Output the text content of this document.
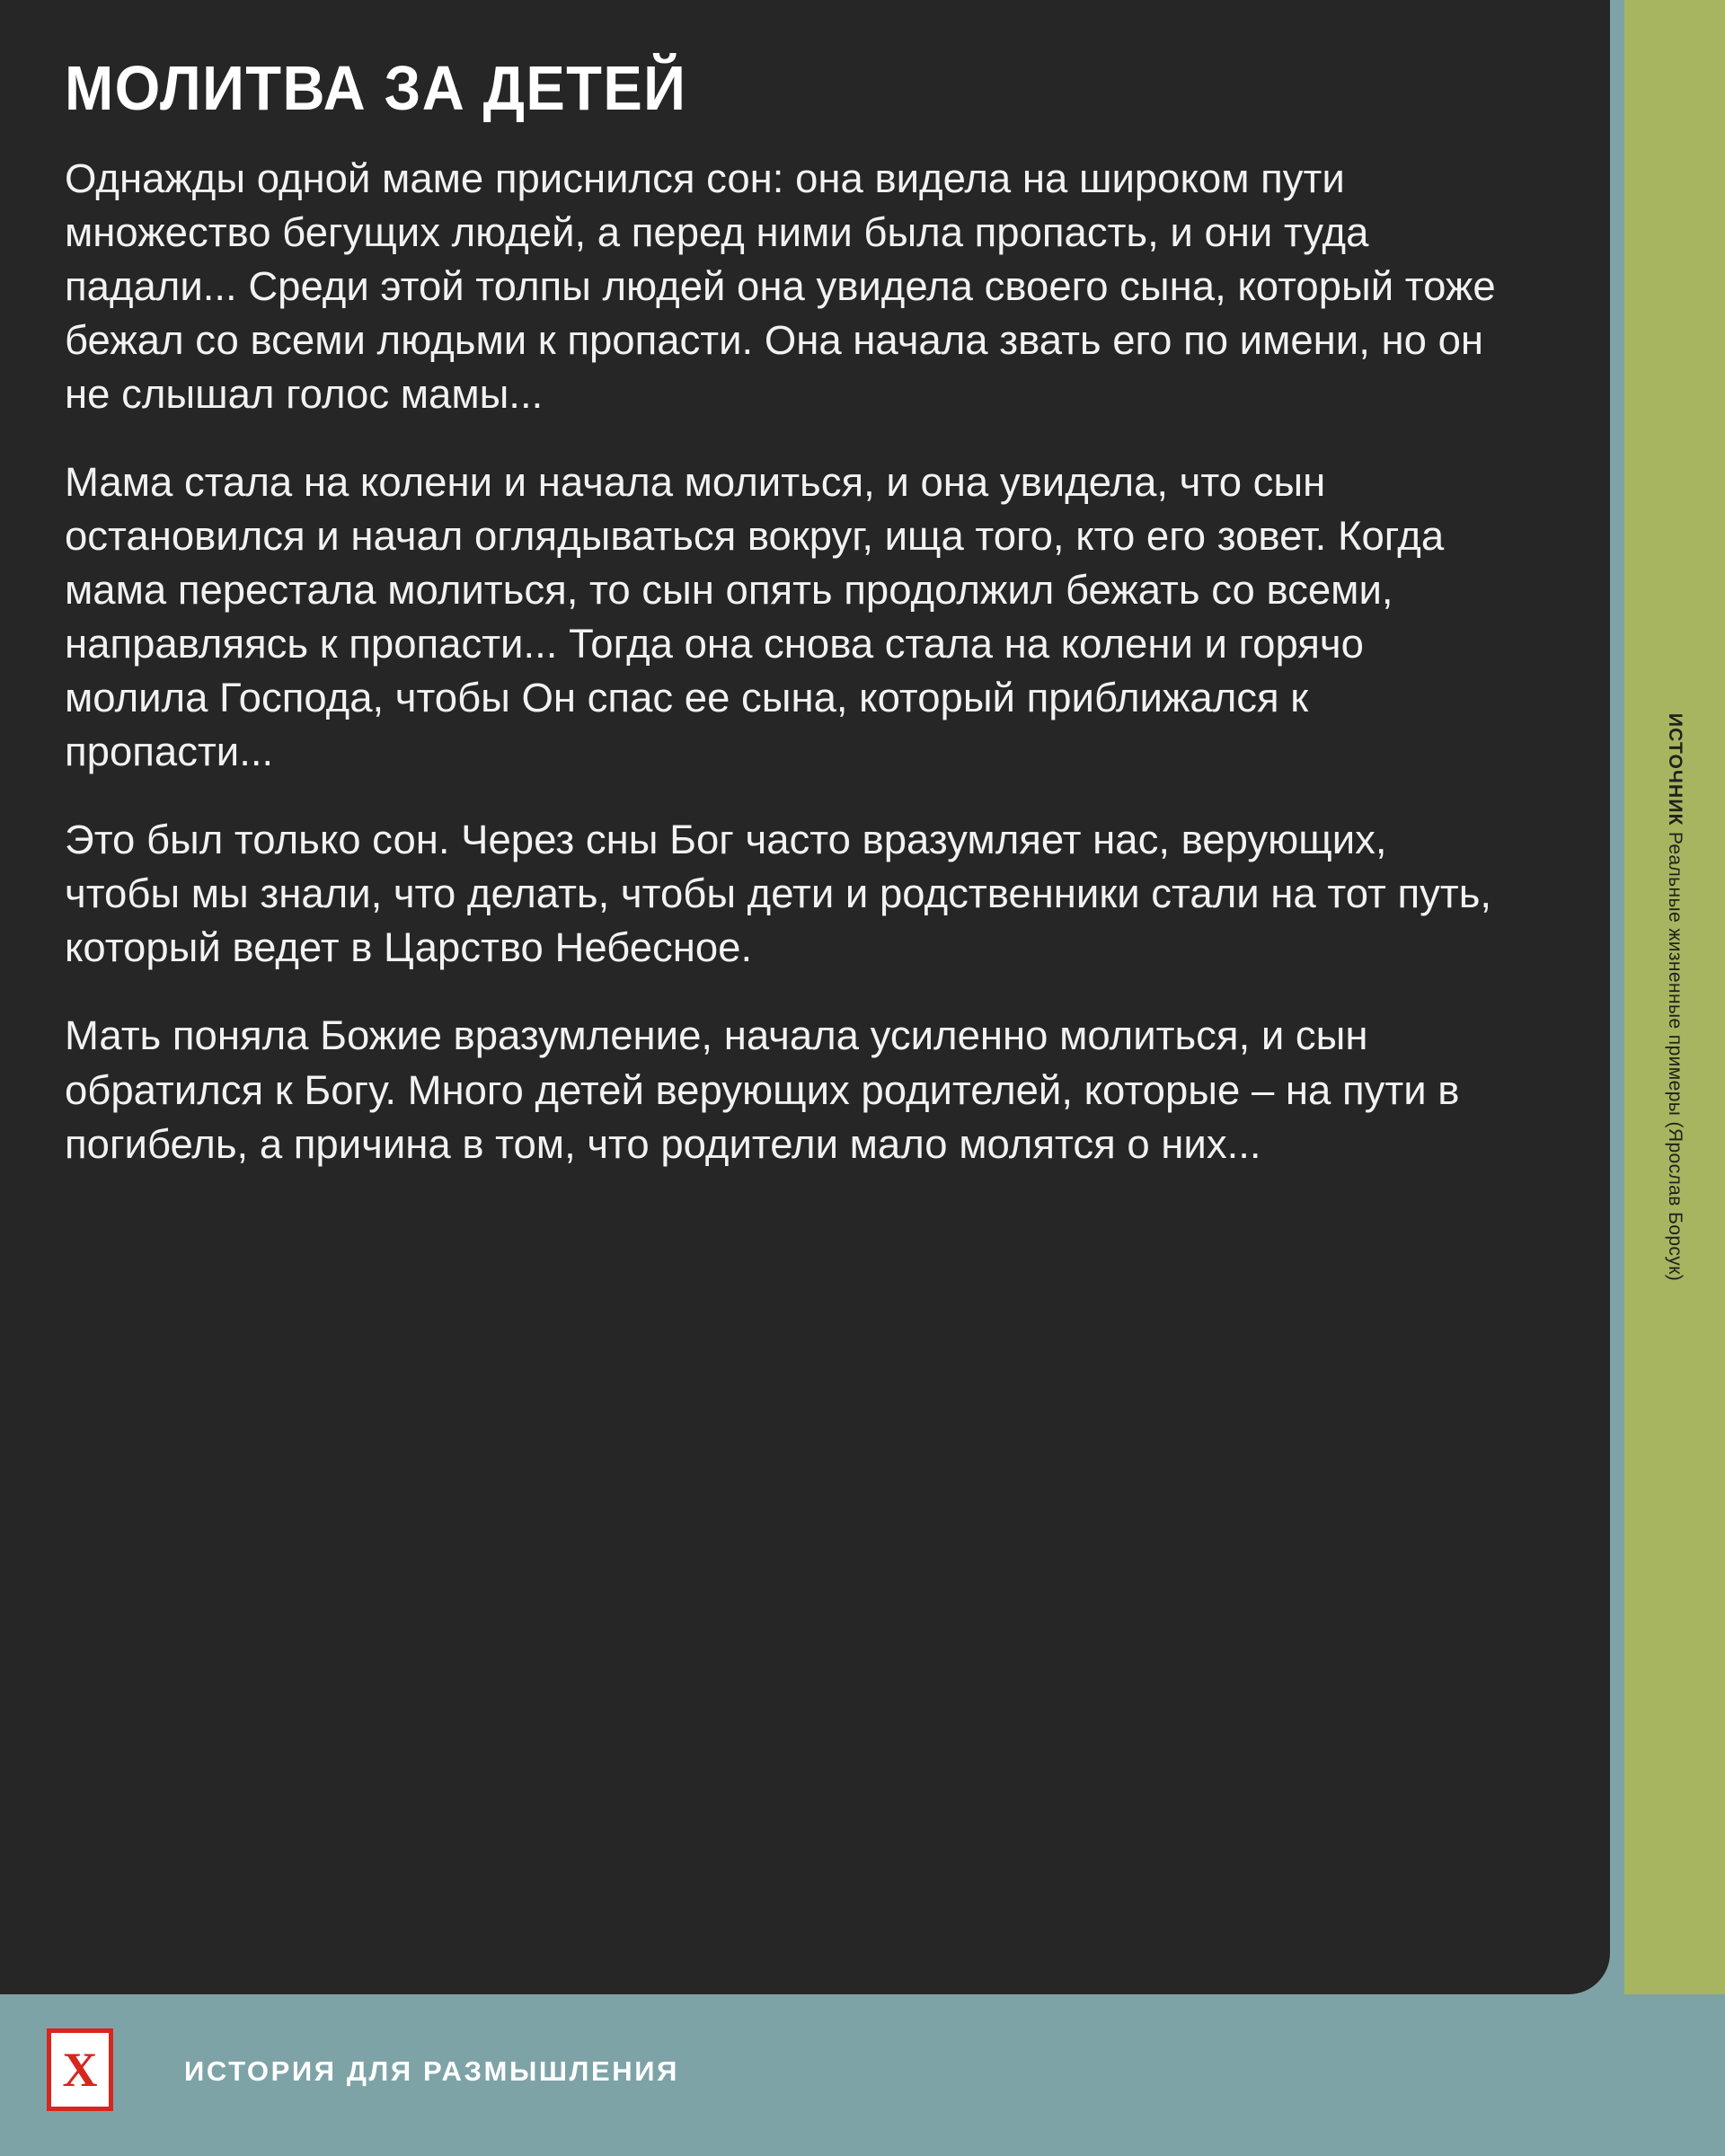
МОЛИТВА ЗА ДЕТЕЙ

Однажды одной маме приснился сон: она видела на широком пути множество бегущих людей, а перед ними была пропасть, и они туда падали... Среди этой толпы людей она увидела своего сына, который тоже бежал со всеми людьми к пропасти. Она начала звать его по имени, но он не слышал голос мамы...

Мама стала на колени и начала молиться, и она увидела, что сын остановился и начал оглядываться вокруг, ища того, кто его зовет. Когда мама перестала молиться, то сын опять продолжил бежать со всеми, направляясь к пропасти... Тогда она снова стала на колени и горячо молила Господа, чтобы Он спас ее сына, который приближался к пропасти...

Это был только сон. Через сны Бог часто вразумляет нас, верующих, чтобы мы знали, что делать, чтобы дети и родственники стали на тот путь, который ведет в Царство Небесное.

Мать поняла Божие вразумление, начала усиленно молиться, и сын обратился к Богу. Много детей верующих родителей, которые – на пути в погибель, а причина в том, что родители мало молятся о них...

ИСТОЧНИК Реальные жизненные примеры (Ярослав Борсук)
X	ИСТОРИЯ ДЛЯ РАЗМЫШЛЕНИЯ
